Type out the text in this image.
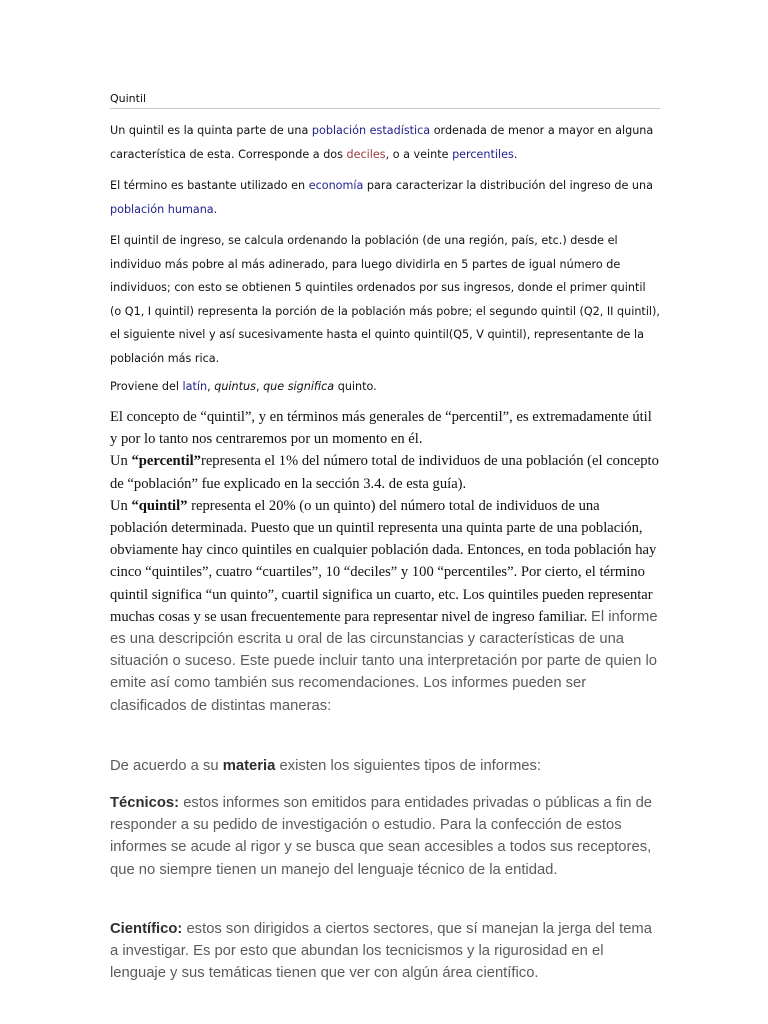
Quintil

Un quintil es la quinta parte de una población estadística ordenada de menor a mayor en alguna característica de esta. Corresponde a dos deciles, o a veinte percentiles.

El término es bastante utilizado en economía para caracterizar la distribución del ingreso de una población humana.

El quintil de ingreso, se calcula ordenando la población (de una región, país, etc.) desde el individuo más pobre al más adinerado, para luego dividirla en 5 partes de igual número de individuos; con esto se obtienen 5 quintiles ordenados por sus ingresos, donde el primer quintil (o Q1, I quintil) representa la porción de la población más pobre; el segundo quintil (Q2, II quintil), el siguiente nivel y así sucesivamente hasta el quinto quintil(Q5, V quintil), representante de la población más rica.

Proviene del latín, quintus, que significa quinto.

El concepto de “quintil”, y en términos más generales de “percentil”, es extremadamente útil y por lo tanto nos centraremos por un momento en él.

Un “percentil”representa el 1% del número total de individuos de una población (el concepto de “población” fue explicado en la sección 3.4. de esta guía).

Un “quintil” representa el 20% (o un quinto) del número total de individuos de una población determinada. Puesto que un quintil representa una quinta parte de una población, obviamente hay cinco quintiles en cualquier población dada. Entonces, en toda población hay cinco “quintiles”, cuatro “cuartiles”, 10 “deciles” y 100 “percentiles”. Por cierto, el término quintil significa “un quinto”, cuartil significa un cuarto, etc. Los quintiles pueden representar muchas cosas y se usan frecuentemente para representar nivel de ingreso familiar. El informe es una descripción escrita u oral de las circunstancias y características de una situación o suceso. Este puede incluir tanto una interpretación por parte de quien lo emite así como también sus recomendaciones. Los informes pueden ser clasificados de distintas maneras:

De acuerdo a su materia existen los siguientes tipos de informes:

Técnicos: estos informes son emitidos para entidades privadas o públicas a fin de responder a su pedido de investigación o estudio. Para la confección de estos informes se acude al rigor y se busca que sean accesibles a todos sus receptores, que no siempre tienen un manejo del lenguaje técnico de la entidad.

Científico: estos son dirigidos a ciertos sectores, que sí manejan la jerga del tema a investigar. Es por esto que abundan los tecnicismos y la rigurosidad en el lenguaje y sus temáticas tienen que ver con algún área científico.
